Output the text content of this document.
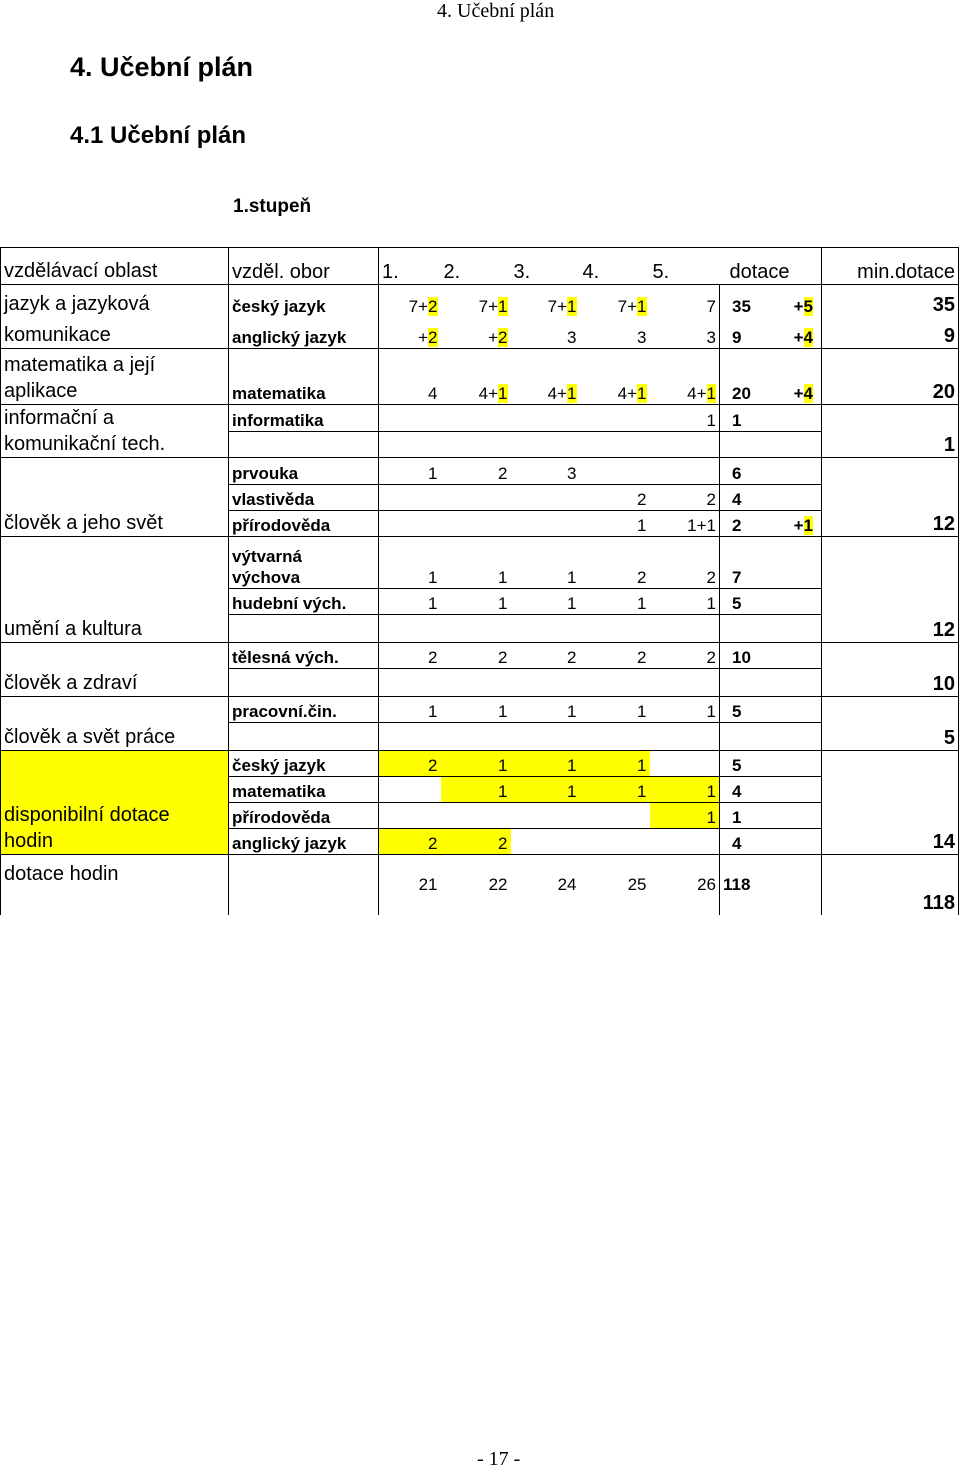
4. Učební plán
4. Učební plán
4.1 Učební plán
1.stupeň
vzdělávací oblast	vzděl. obor	1.	2.	3.	4.	5.	dotace		min.dotace
jazyk a jazyková	český jazyk	7+2	7+1	7+1	7+1	7	35	+5	35
komunikace	anglický jazyk	+2	+2	3	3	3	9	+4	9
matematika a její
aplikace	matematika	4	4+1	4+1	4+1	4+1	20	+4	20
informační a	informatika					1	1		
komunikační tech.									1
člověk a jeho svět	prvouka	1	2	3			6		
	vlastivěda				2	2	4		
	přírodověda				1	1+1	2	+1	12
	výtvarná
výchova	1	1	1	2	2	7		
	hudební vých.	1	1	1	1	1	5		
umění a kultura									12
	tělesná vých.	2	2	2	2	2	10		
člověk a zdraví									10
	pracovní.čin.	1	1	1	1	1	5		
člověk a svět práce									5
disponibilní dotace
hodin	český jazyk	2	1	1	1		5		
	matematika		1	1	1	1	4		
	přírodověda					1	1		
	anglický jazyk	2	2				4		14
dotace hodin		21	22	24	25	26	118		118
- 17 -
